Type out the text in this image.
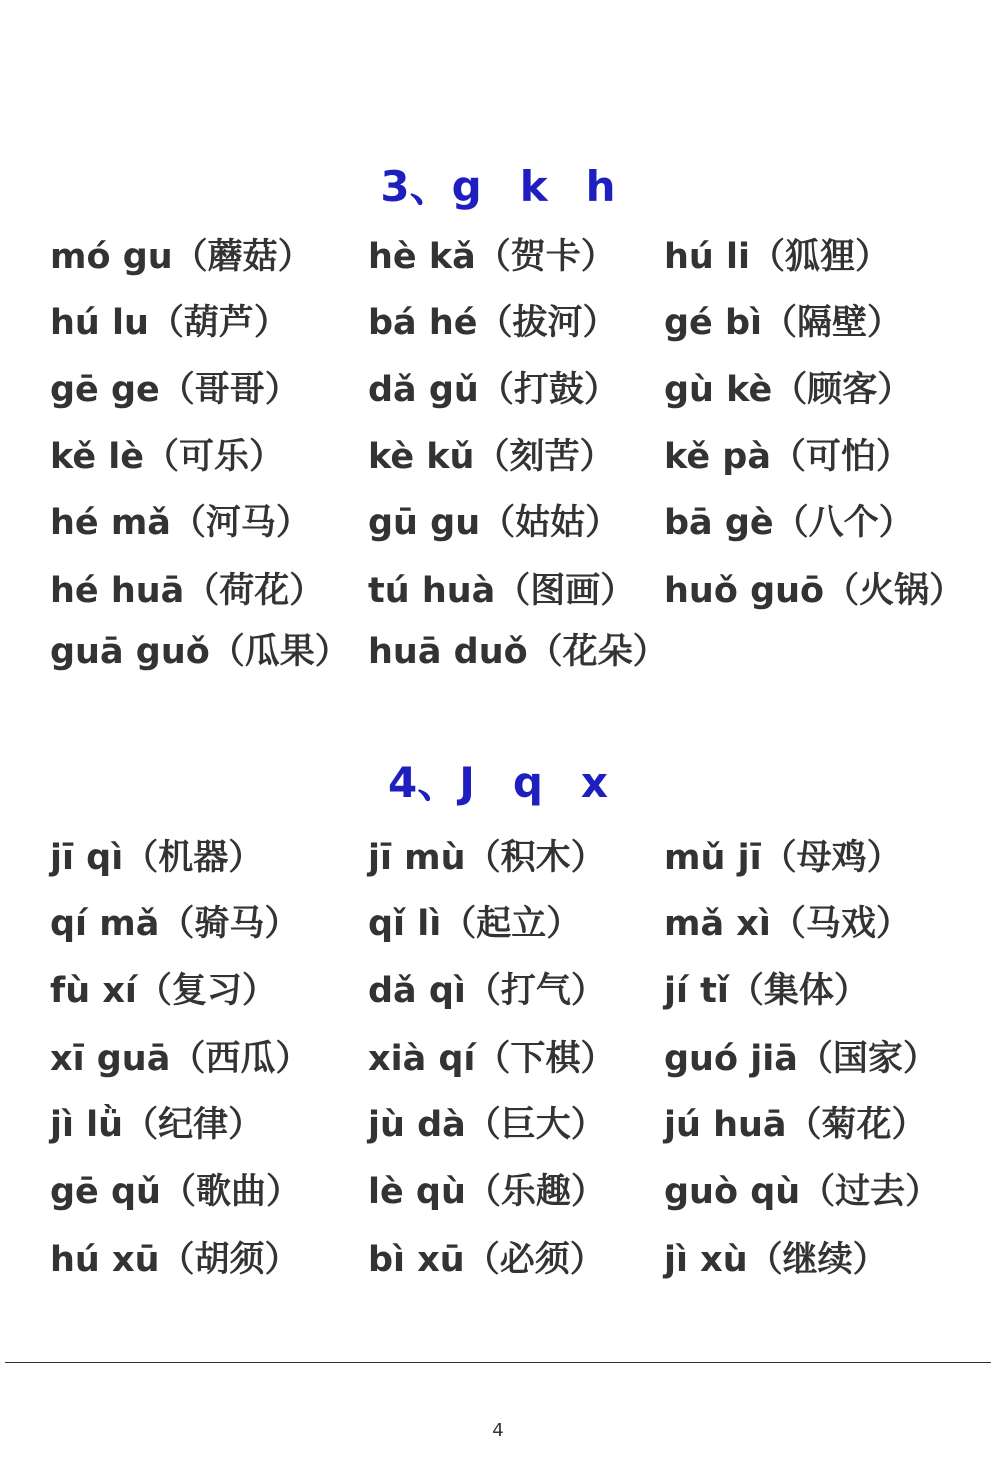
3、g k h
mó gu（蘑菇） hè kǎ（贺卡） hú li（狐狸）
hú lu（葫芦） bá hé（拔河） gé bì（隔壁）
gē ge（哥哥） dǎ gǔ（打鼓） gù kè（顾客）
kě lè（可乐） kè kǔ（刻苦） kě pà（可怕）
hé mǎ（河马） gū gu（姑姑） bā gè（八个）
hé huā（荷花） tú huà（图画） huǒ guō（火锅）
guā guǒ（瓜果） huā duǒ（花朵）
4、J q x
jī qì（机器）	jī mù（积木） mǔ jī（母鸡）
qí mǎ（骑马） qǐ lì（起立） mǎ xì（马戏）
fù xí（复习）	dǎ qì（打气） jí tǐ（集体）
xī guā（西瓜） xià qí（下棋） guó jiā（国家）
jì lǜ（纪律）	jù dà（巨大） jú huā（菊花）
gē qǔ（歌曲） lè qù（乐趣） guò qù（过去）
hú xū（胡须） bì xū（必须） jì xù（继续）
4
